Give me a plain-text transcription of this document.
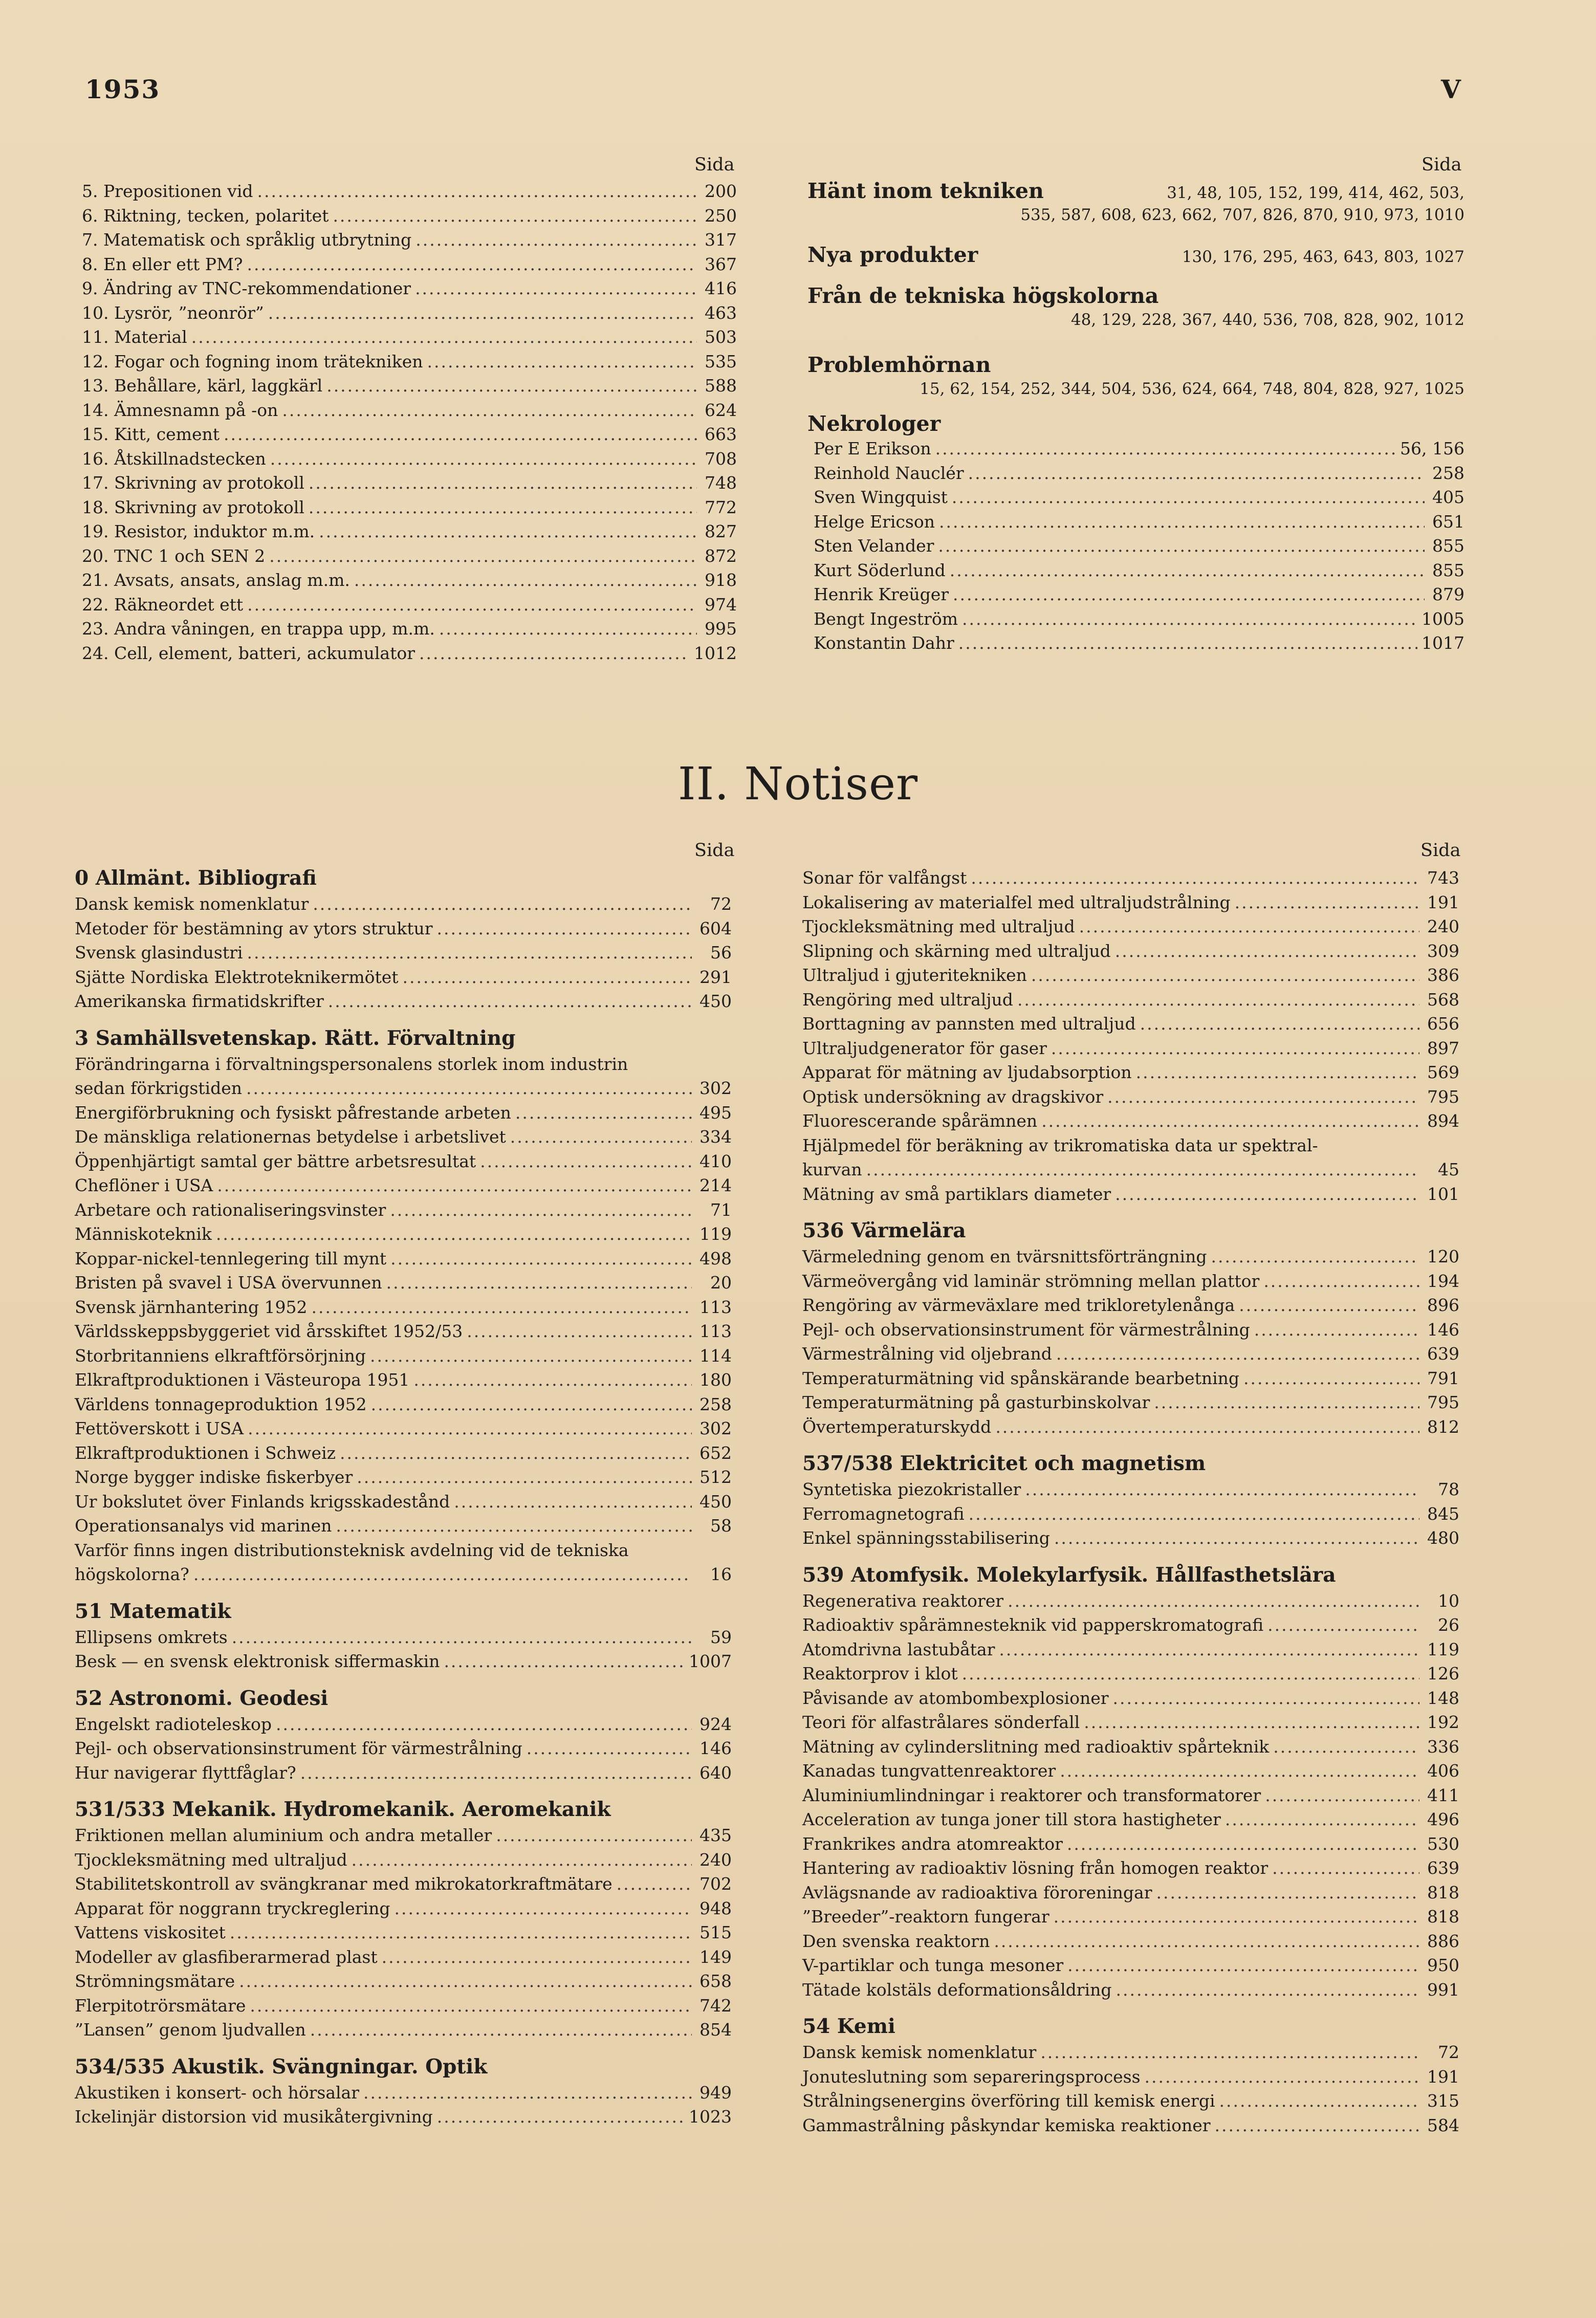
1953	V
Sida
5. Prepositionen vid .....	200
6. Riktning, tecken, polaritet .....	250
7. Matematisk och språklig utbrytning .....	317
8. En eller ett PM? .....	367
9. Ändring av TNC-rekommendationer .....	416
10. Lysrör, ”neonrör” .....	463
11. Material .....	503
12. Fogar och fogning inom trätekniken .....	535
13. Behållare, kärl, laggkärl .....	588
14. Ämnesnamn på -on .....	624
15. Kitt, cement .....	663
16. Åtskillnadstecken .....	708
17. Skrivning av protokoll .....	748
18. Skrivning av protokoll .....	772
19. Resistor, induktor m.m. .....	827
20. TNC 1 och SEN 2 .....	872
21. Avsats, ansats, anslag m.m. .....	918
22. Räkneordet ett .....	974
23. Andra våningen, en trappa upp, m.m. .....	995
24. Cell, element, batteri, ackumulator .....	1012
Sida
Hänt inom tekniken	31, 48, 105, 152, 199, 414, 462, 503,
535, 587, 608, 623, 662, 707, 826, 870, 910, 973, 1010
Nya produkter	130, 176, 295, 463, 643, 803, 1027
Från de tekniska högskolorna
48, 129, 228, 367, 440, 536, 708, 828, 902, 1012
Problemhörnan
15, 62, 154, 252, 344, 504, 536, 624, 664, 748, 804, 828, 927, 1025
Nekrologer
Per E Erikson .....	56, 156
Reinhold Nauclér .....	258
Sven Wingquist .....	405
Helge Ericson .....	651
Sten Velander .....	855
Kurt Söderlund .....	855
Henrik Kreüger .....	879
Bengt Ingeström .....	1005
Konstantin Dahr .....	1017
II. Notiser
Sida
0 Allmänt. Bibliografi
Dansk kemisk nomenklatur .....	72
Metoder för bestämning av ytors struktur .....	604
Svensk glasindustri .....	56
Sjätte Nordiska Elektroteknikermötet .....	291
Amerikanska firmatidskrifter .....	450
3 Samhällsvetenskap. Rätt. Förvaltning
Förändringarna i förvaltningspersonalens storlek inom industrin
sedan förkrigstiden .....	302
Energiförbrukning och fysiskt påfrestande arbeten .....	495
De mänskliga relationernas betydelse i arbetslivet .....	334
Öppenhjärtigt samtal ger bättre arbetsresultat .....	410
Cheflöner i USA .....	214
Arbetare och rationaliseringsvinster .....	71
Människoteknik .....	119
Koppar-nickel-tennlegering till mynt .....	498
Bristen på svavel i USA övervunnen .....	20
Svensk järnhantering 1952 .....	113
Världsskeppsbyggeriet vid årsskiftet 1952/53 .....	113
Storbritanniens elkraftförsörjning .....	114
Elkraftproduktionen i Västeuropa 1951 .....	180
Världens tonnageproduktion 1952 .....	258
Fettöverskott i USA .....	302
Elkraftproduktionen i Schweiz .....	652
Norge bygger indiske fiskerbyer .....	512
Ur bokslutet över Finlands krigsskadestånd .....	450
Operationsanalys vid marinen .....	58
Varför finns ingen distributionsteknisk avdelning vid de tekniska
högskolorna? .....	16
51 Matematik
Ellipsens omkrets .....	59
Besk — en svensk elektronisk siffermaskin .....	1007
52 Astronomi. Geodesi
Engelskt radioteleskop .....	924
Pejl- och observationsinstrument för värmestrålning .....	146
Hur navigerar flyttfåglar? .....	640
531/533 Mekanik. Hydromekanik. Aeromekanik
Friktionen mellan aluminium och andra metaller .....	435
Tjockleksmätning med ultraljud .....	240
Stabilitetskontroll av svängkranar med mikrokatorkraftmätare .....	702
Apparat för noggrann tryckreglering .....	948
Vattens viskositet .....	515
Modeller av glasfiberarmerad plast .....	149
Strömningsmätare .....	658
Flerpitotrörsmätare .....	742
”Lansen” genom ljudvallen .....	854
534/535 Akustik. Svängningar. Optik
Akustiken i konsert- och hörsalar .....	949
Ickelinjär distorsion vid musikåtergivning .....	1023
Sida
Sonar för valfångst .....	743
Lokalisering av materialfel med ultraljudstrålning .....	191
Tjockleksmätning med ultraljud .....	240
Slipning och skärning med ultraljud .....	309
Ultraljud i gjuteritekniken .....	386
Rengöring med ultraljud .....	568
Borttagning av pannsten med ultraljud .....	656
Ultraljudgenerator för gaser .....	897
Apparat för mätning av ljudabsorption .....	569
Optisk undersökning av dragskivor .....	795
Fluorescerande spårämnen .....	894
Hjälpmedel för beräkning av trikromatiska data ur spektral-
kurvan .....	45
Mätning av små partiklars diameter .....	101
536 Värmelära
Värmeledning genom en tvärsnittsförträngning .....	120
Värmeövergång vid laminär strömning mellan plattor .....	194
Rengöring av värmeväxlare med trikloretylenånga .....	896
Pejl- och observationsinstrument för värmestrålning .....	146
Värmestrålning vid oljebrand .....	639
Temperaturmätning vid spånskärande bearbetning .....	791
Temperaturmätning på gasturbinskolvar .....	795
Övertemperaturskydd .....	812
537/538 Elektricitet och magnetism
Syntetiska piezokristaller .....	78
Ferromagnetografi .....	845
Enkel spänningsstabilisering .....	480
539 Atomfysik. Molekylarfysik. Hållfasthetslära
Regenerativa reaktorer .....	10
Radioaktiv spårämnesteknik vid papperskromatografi .....	26
Atomdrivna lastubåtar .....	119
Reaktorprov i klot .....	126
Påvisande av atombombexplosioner .....	148
Teori för alfastrålares sönderfall .....	192
Mätning av cylinderslitning med radioaktiv spårteknik .....	336
Kanadas tungvattenreaktorer .....	406
Aluminiumlindningar i reaktorer och transformatorer .....	411
Acceleration av tunga joner till stora hastigheter .....	496
Frankrikes andra atomreaktor .....	530
Hantering av radioaktiv lösning från homogen reaktor .....	639
Avlägsnande av radioaktiva föroreningar .....	818
”Breeder”-reaktorn fungerar .....	818
Den svenska reaktorn .....	886
V-partiklar och tunga mesoner .....	950
Tätade kolstäls deformationsåldring .....	991
54 Kemi
Dansk kemisk nomenklatur .....	72
Jonuteslutning som separeringsprocess .....	191
Strålningsenergins överföring till kemisk energi .....	315
Gammastrålning påskyndar kemiska reaktioner .....	584
